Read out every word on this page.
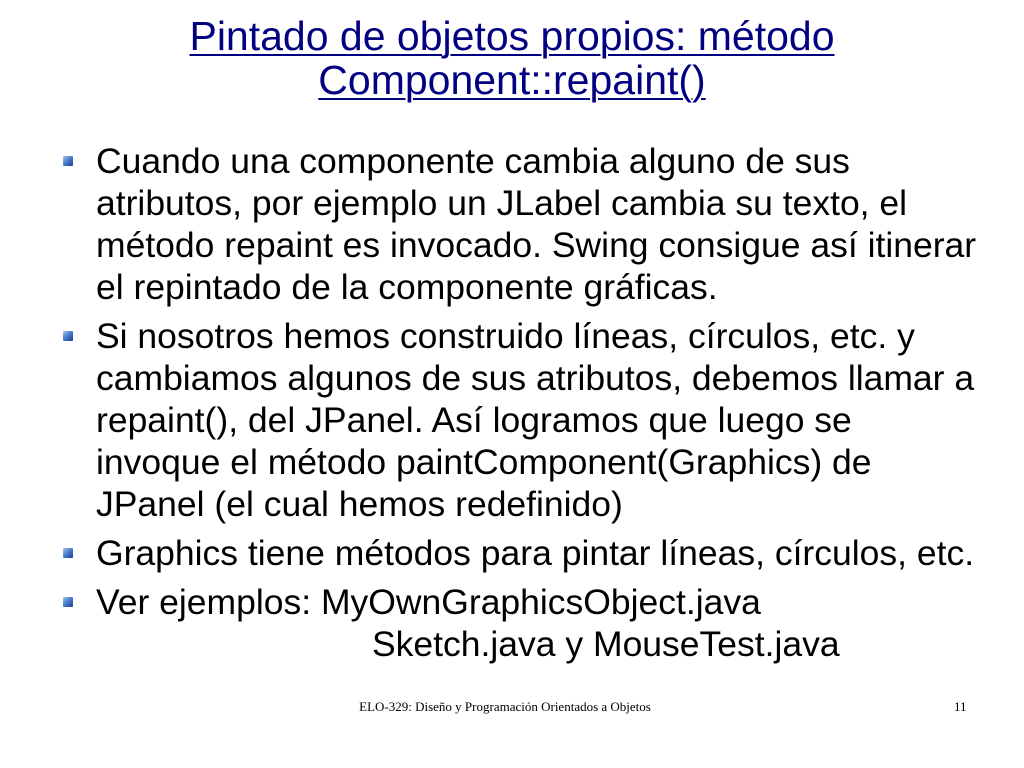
Pintado de objetos propios: método
Component::repaint()
Cuando una componente cambia alguno de sus atributos, por ejemplo un JLabel cambia su texto, el método repaint es invocado. Swing consigue así itinerar el repintado de la componente gráficas.
Si nosotros hemos construido líneas, círculos, etc. y cambiamos algunos de sus atributos, debemos llamar a repaint(), del JPanel. Así logramos que luego se invoque el método paintComponent(Graphics) de JPanel (el cual hemos redefinido)
Graphics tiene métodos para pintar líneas, círculos, etc.
Ver ejemplos: MyOwnGraphicsObject.java
Sketch.java y MouseTest.java
ELO-329: Diseño y Programación Orientados a Objetos	11
